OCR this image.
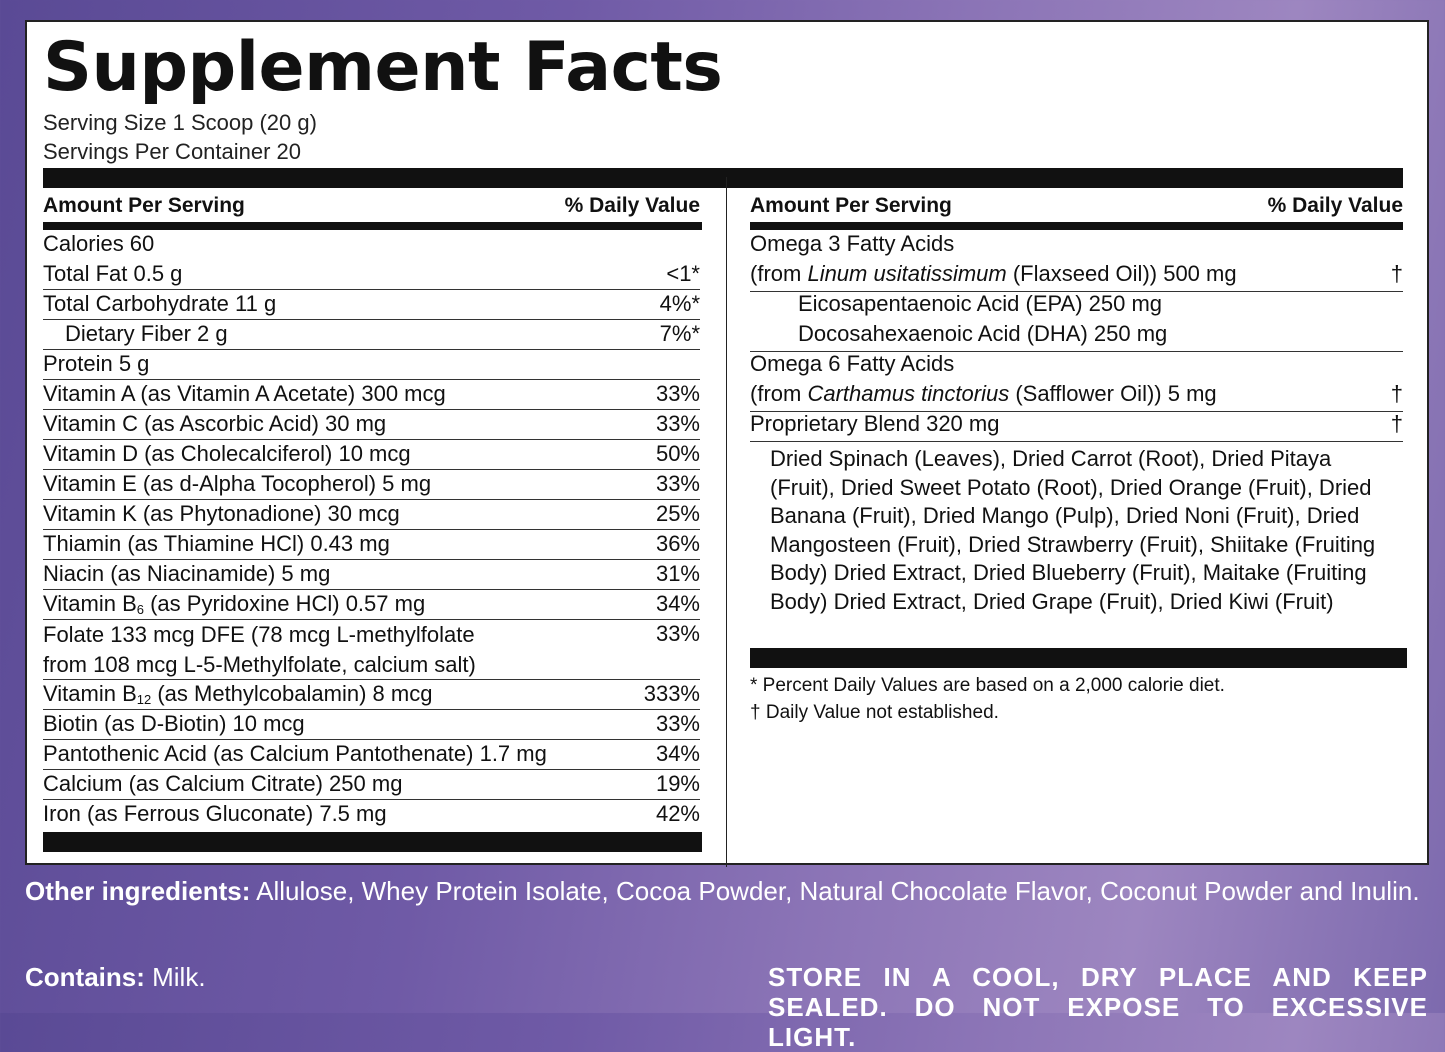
Supplement Facts
Serving Size 1 Scoop (20 g)
Servings Per Container 20
Amount Per Serving	% Daily Value
Calories 60
Total Fat 0.5 g	<1*
Total Carbohydrate 11 g	4%*
Dietary Fiber 2 g	7%*
Protein 5 g
Vitamin A (as Vitamin A Acetate) 300 mcg	33%
Vitamin C (as Ascorbic Acid) 30 mg	33%
Vitamin D (as Cholecalciferol) 10 mcg	50%
Vitamin E (as d-Alpha Tocopherol) 5 mg	33%
Vitamin K (as Phytonadione) 30 mcg	25%
Thiamin (as Thiamine HCl) 0.43 mg	36%
Niacin (as Niacinamide) 5 mg	31%
Vitamin $B_6$ (as Pyridoxine HCl) 0.57 mg	34%
Folate 133 mcg DFE (78 mcg L-methylfolate
from 108 mcg L-5-Methylfolate, calcium salt)
33%
Vitamin $B_{12}$ (as Methylcobalamin) 8 mcg	333%
Biotin (as D-Biotin) 10 mcg	33%
Pantothenic Acid (as Calcium Pantothenate) 1.7 mg	34%
Calcium (as Calcium Citrate) 250 mg	19%
Iron (as Ferrous Gluconate) 7.5 mg	42%
Amount Per Serving	% Daily Value
Omega 3 Fatty Acids
(from Linum usitatissimum (Flaxseed Oil)) 500 mg	†
Eicosapentaenoic Acid (EPA) 250 mg
Docosahexaenoic Acid (DHA) 250 mg
Omega 6 Fatty Acids
(from Carthamus tinctorius (Safflower Oil)) 5 mg	†
Proprietary Blend 320 mg	†
Dried Spinach (Leaves), Dried Carrot (Root), Dried Pitaya (Fruit), Dried Sweet Potato (Root), Dried Orange (Fruit), Dried Banana (Fruit), Dried Mango (Pulp), Dried Noni (Fruit), Dried Mangosteen (Fruit), Dried Strawberry (Fruit), Shiitake (Fruiting Body) Dried Extract, Dried Blueberry (Fruit), Maitake (Fruiting Body) Dried Extract, Dried Grape (Fruit), Dried Kiwi (Fruit)
* Percent Daily Values are based on a 2,000 calorie diet.
† Daily Value not established.
Other ingredients: Allulose, Whey Protein Isolate, Cocoa Powder, Natural Chocolate Flavor, Coconut Powder and Inulin.
Contains: Milk.	STORE IN A COOL, DRY PLACE AND KEEP SEALED. DO NOT EXPOSE TO EXCESSIVE LIGHT.
